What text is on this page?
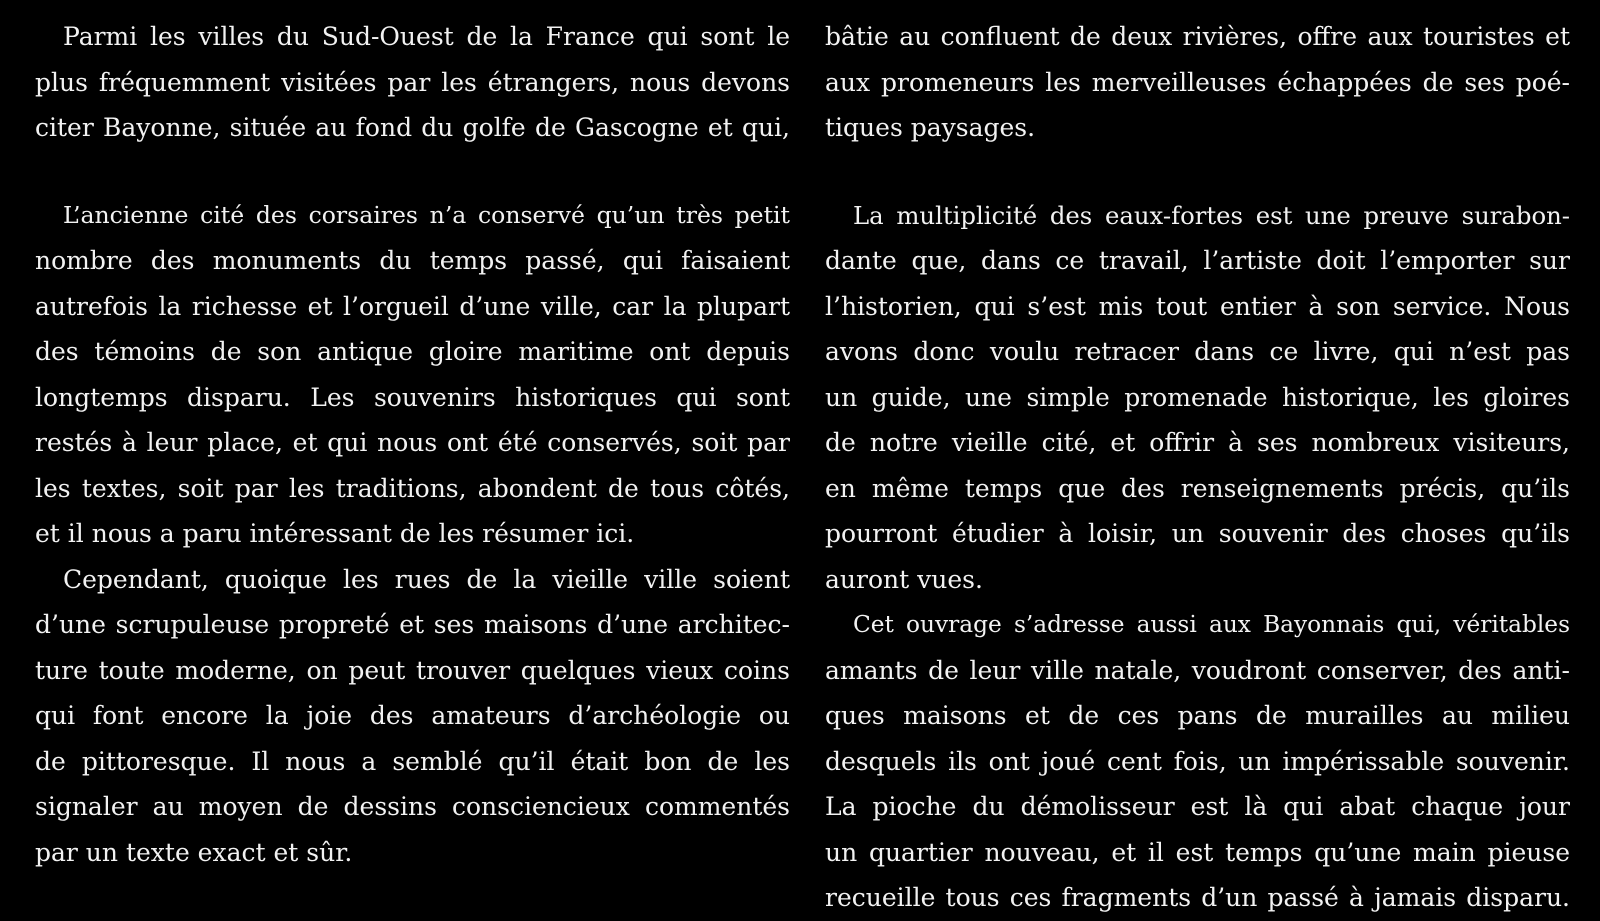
Parmi les villes du Sud-Ouest de la France qui sont le
plus fréquemment visitées par les étrangers, nous devons
citer Bayonne, située au fond du golfe de Gascogne et qui,
L’ancienne cité des corsaires n’a conservé qu’un très petit
nombre des monuments du temps passé, qui faisaient
autrefois la richesse et l’orgueil d’une ville, car la plupart
des témoins de son antique gloire maritime ont depuis
longtemps disparu. Les souvenirs historiques qui sont
restés à leur place, et qui nous ont été conservés, soit par
les textes, soit par les traditions, abondent de tous côtés,
et il nous a paru intéressant de les résumer ici.
Cependant, quoique les rues de la vieille ville soient
d’une scrupuleuse propreté et ses maisons d’une architec-
ture toute moderne, on peut trouver quelques vieux coins
qui font encore la joie des amateurs d’archéologie ou
de pittoresque. Il nous a semblé qu’il était bon de les
signaler au moyen de dessins consciencieux commentés
par un texte exact et sûr.
bâtie au confluent de deux rivières, offre aux touristes et
aux promeneurs les merveilleuses échappées de ses poé-
tiques paysages.
La multiplicité des eaux-fortes est une preuve surabon-
dante que, dans ce travail, l’artiste doit l’emporter sur
l’historien, qui s’est mis tout entier à son service. Nous
avons donc voulu retracer dans ce livre, qui n’est pas
un guide, une simple promenade historique, les gloires
de notre vieille cité, et offrir à ses nombreux visiteurs,
en même temps que des renseignements précis, qu’ils
pourront étudier à loisir, un souvenir des choses qu’ils
auront vues.
Cet ouvrage s’adresse aussi aux Bayonnais qui, véritables
amants de leur ville natale, voudront conserver, des anti-
ques maisons et de ces pans de murailles au milieu
desquels ils ont joué cent fois, un impérissable souvenir.
La pioche du démolisseur est là qui abat chaque jour
un quartier nouveau, et il est temps qu’une main pieuse
recueille tous ces fragments d’un passé à jamais disparu.
